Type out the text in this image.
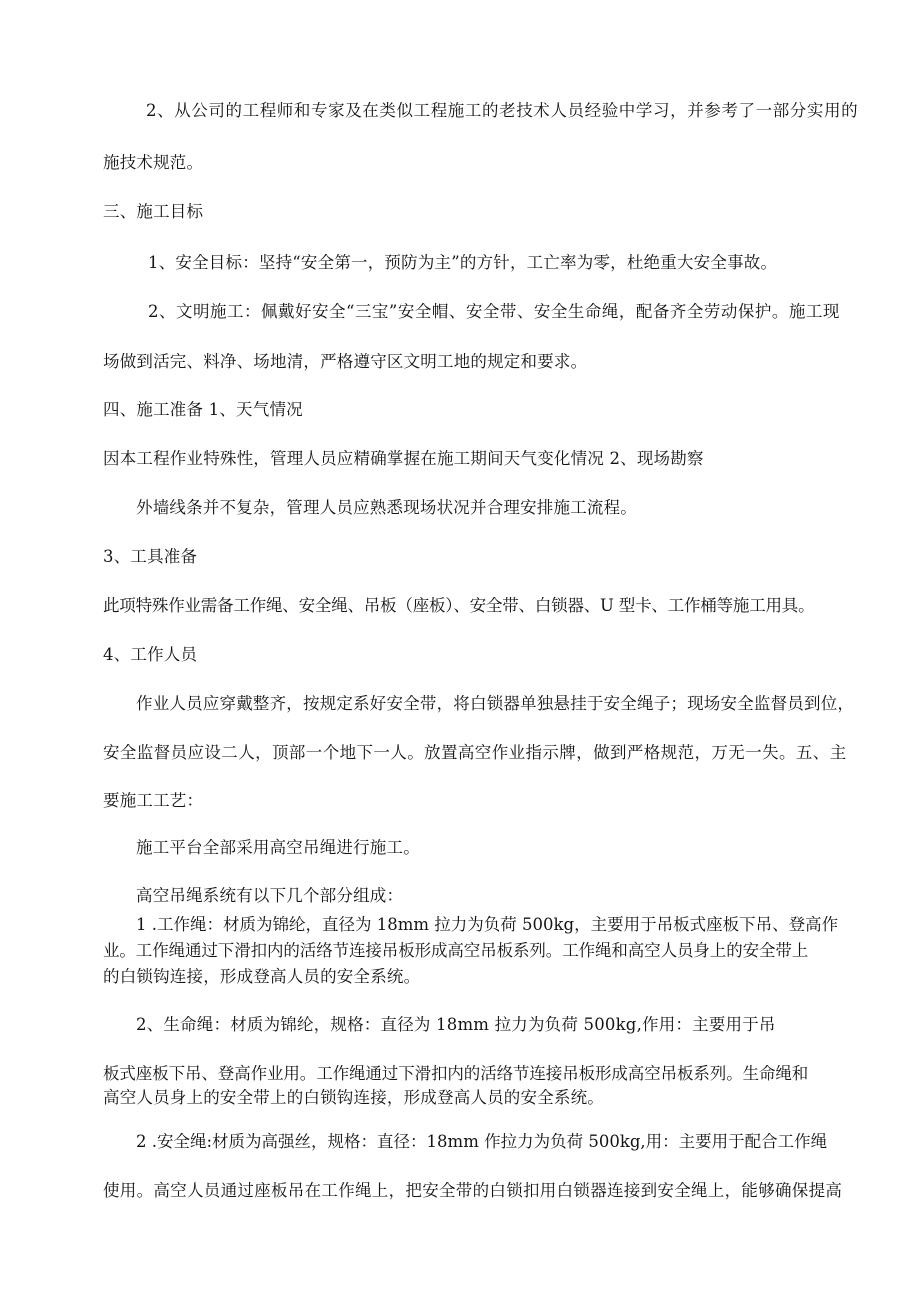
2、从公司的工程师和专家及在类似工程施工的老技术人员经验中学习，并参考了一部分实用的
施技术规范。
三、施工目标
1、安全目标：坚持“安全第一，预防为主”的方针，工亡率为零，杜绝重大安全事故。
2、文明施工：佩戴好安全“三宝”安全帽、安全带、安全生命绳，配备齐全劳动保护。施工现
场做到活完、料净、场地清，严格遵守区文明工地的规定和要求。
四、施工准备 1、天气情况
因本工程作业特殊性，管理人员应精确掌握在施工期间天气变化情况 2、现场勘察
外墙线条并不复杂，管理人员应熟悉现场状况并合理安排施工流程。
3、工具准备
此项特殊作业需备工作绳、安全绳、吊板（座板）、安全带、白锁器、U 型卡、工作桶等施工用具。
4、工作人员
作业人员应穿戴整齐，按规定系好安全带，将白锁器单独悬挂于安全绳子；现场安全监督员到位，
安全监督员应设二人，顶部一个地下一人。放置高空作业指示牌，做到严格规范，万无一失。五、主
要施工工艺：
施工平台全部采用高空吊绳进行施工。
高空吊绳系统有以下几个部分组成：
1 .工作绳：材质为锦纶，直径为 18mm 拉力为负荷 500kg，主要用于吊板式座板下吊、登高作
业。工作绳通过下滑扣内的活络节连接吊板形成高空吊板系列。工作绳和高空人员身上的安全带上
的白锁钩连接，形成登高人员的安全系统。
2、生命绳：材质为锦纶，规格：直径为 18mm 拉力为负荷 500kg,作用：主要用于吊
板式座板下吊、登高作业用。工作绳通过下滑扣内的活络节连接吊板形成高空吊板系列。生命绳和
高空人员身上的安全带上的白锁钩连接，形成登高人员的安全系统。
2 .安全绳:材质为高强丝，规格：直径：18mm 作拉力为负荷 500kg,用：主要用于配合工作绳
使用。高空人员通过座板吊在工作绳上，把安全带的白锁扣用白锁器连接到安全绳上，能够确保提高
